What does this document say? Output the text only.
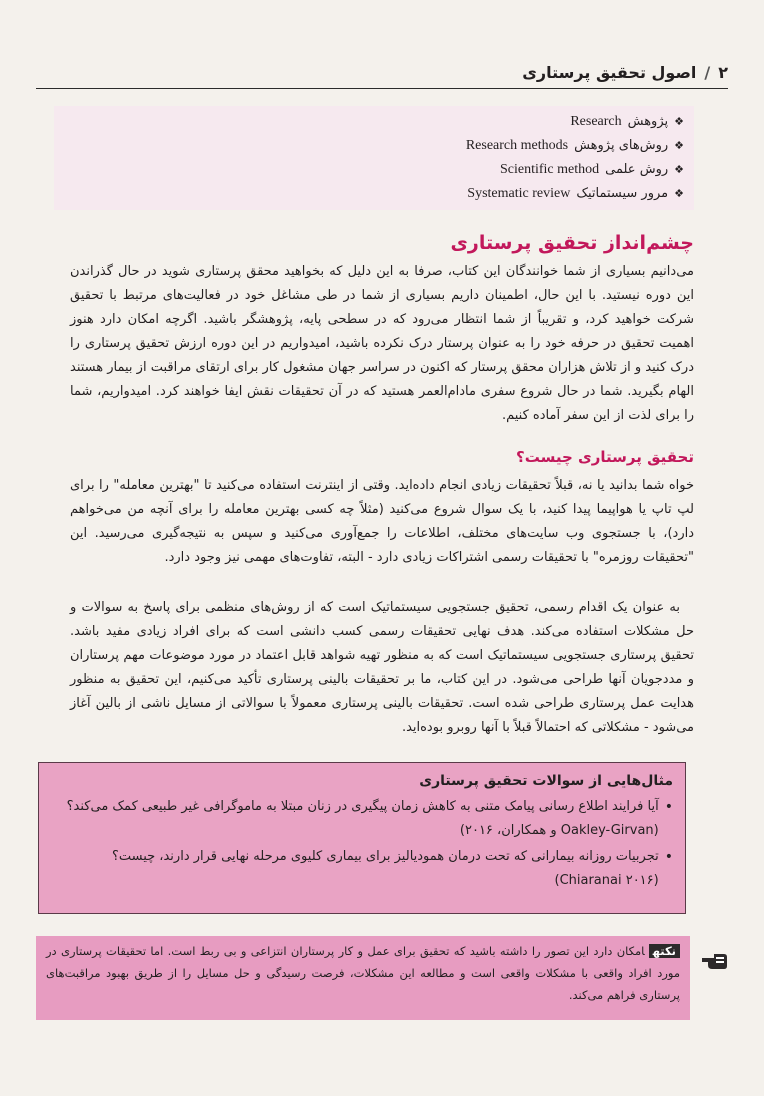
۲
/
اصول تحقیق پرستاری
❖
پژوهش
Research
❖
روش‌های پژوهش
Research methods
❖
روش علمی
Scientific method
❖
مرور سیستماتیک
Systematic review
چشم‌انداز تحقیق پرستاری
می‌دانیم بسیاری از شما خوانندگان این کتاب، صرفا به این دلیل که بخواهید محقق پرستاری شوید در حال گذراندن این دوره نیستید. با این حال، اطمینان داریم بسیاری از شما در طی مشاغل خود در فعالیت‌های مرتبط با تحقیق شرکت خواهید کرد، و تقریباً از شما انتظار می‌رود که در سطحی پایه، پژوهشگر باشید. اگرچه امکان دارد هنوز اهمیت تحقیق در حرفه خود را به عنوان پرستار درک نکرده باشید، امیدواریم در این دوره ارزش تحقیق پرستاری را درک کنید و از تلاش هزاران محقق پرستار که اکنون در سراسر جهان مشغول کار برای ارتقای مراقبت از بیمار هستند الهام بگیرید. شما در حال شروع سفری مادام‌العمر هستید که در آن تحقیقات نقش ایفا خواهند کرد. امیدواریم، شما را برای لذت از این سفر آماده کنیم.
تحقیق پرستاری چیست؟
خواه شما بدانید یا نه، قبلاً تحقیقات زیادی انجام داده‌اید. وقتی از اینترنت استفاده می‌کنید تا "بهترین معامله" را برای لپ تاپ یا هواپیما پیدا کنید، با یک سوال شروع می‌کنید (مثلاً چه کسی بهترین معامله را برای آنچه من می‌خواهم دارد)، با جستجوی وب سایت‌های مختلف، اطلاعات را جمع‌آوری می‌کنید و سپس به نتیجه‌گیری می‌رسید. این "تحقیقات روزمره" با تحقیقات رسمی اشتراکات زیادی دارد - البته، تفاوت‌های مهمی نیز وجود دارد.
به عنوان یک اقدام رسمی، تحقیق جستجویی سیستماتیک است که از روش‌های منظمی برای پاسخ به سوالات و حل مشکلات استفاده می‌کند. هدف نهایی تحقیقات رسمی کسب دانشی است که برای افراد زیادی مفید باشد. تحقیق پرستاری جستجویی سیستماتیک است که به منظور تهیه شواهد قابل اعتماد در مورد موضوعات مهم پرستاران و مددجویان آنها طراحی می‌شود. در این کتاب، ما بر تحقیقات بالینی پرستاری تأکید می‌کنیم، این تحقیق به منظور هدایت عمل پرستاری طراحی شده است. تحقیقات بالینی پرستاری معمولاً با سوالاتی از مسایل ناشی از بالین آغاز می‌شود - مشکلاتی که احتمالاً قبلاً با آنها روبرو بوده‌اید.
مثال‌هایی از سوالات تحقیق پرستاری
•
آیا فرایند اطلاع رسانی پیامک متنی به کاهش زمان پیگیری در زنان مبتلا به ماموگرافی غیر طبیعی کمک می‌کند؟ (Oakley-Girvan و همکاران، ۲۰۱۶)
•
تجربیات روزانه بیمارانی که تحت درمان همودیالیز برای بیماری کلیوی مرحله نهایی قرار دارند، چیست؟ (Chiaranai ۲۰۱۶)
نکتهامکان دارد این تصور را داشته باشید که تحقیق برای عمل و کار پرستاران انتزاعی و بی ربط است. اما تحقیقات پرستاری در مورد افراد واقعی با مشکلات واقعی است و مطالعه این مشکلات، فرصت رسیدگی و حل مسایل را از طریق بهبود مراقبت‌های پرستاری فراهم می‌کند.
